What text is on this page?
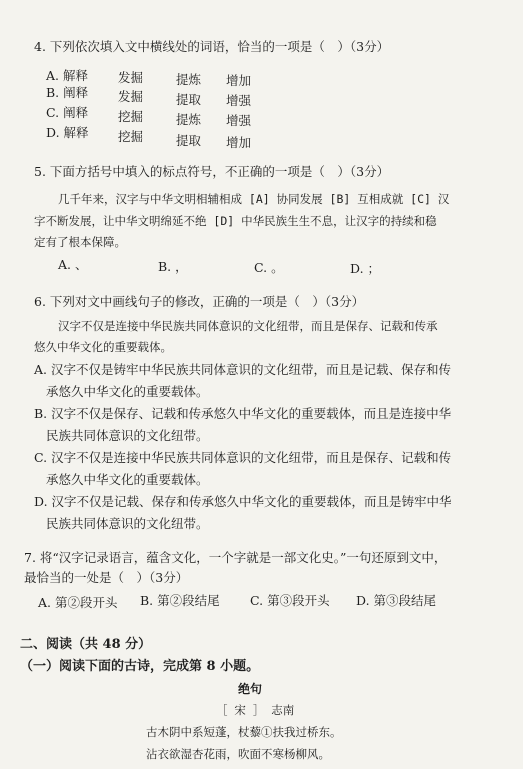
4. 下列依次填入文中横线处的词语，恰当的一项是（　）（3分）
A. 解释 发掘	提炼 增加
B. 阐释 发掘	提取 增强
C. 阐释 挖掘	提炼 增强
D. 解释 挖掘	提取 增加
5. 下面方括号中填入的标点符号，不正确的一项是（　）（3分）
几千年来，汉字与中华文明相辅相成 [A] 协同发展 [B] 互相成就 [C] 汉
字不断发展，让中华文明绵延不绝 [D] 中华民族生生不息，让汉字的持续和稳
定有了根本保障。
A. 、	B. ，	C. 。	D. ；
6. 下列对文中画线句子的修改，正确的一项是（　）（3分）
汉字不仅是连接中华民族共同体意识的文化纽带，而且是保存、记载和传承
悠久中华文化的重要载体。
A. 汉字不仅是铸牢中华民族共同体意识的文化纽带，而且是记载、保存和传
承悠久中华文化的重要载体。
B. 汉字不仅是保存、记载和传承悠久中华文化的重要载体，而且是连接中华
民族共同体意识的文化纽带。
C. 汉字不仅是连接中华民族共同体意识的文化纽带，而且是保存、记载和传
承悠久中华文化的重要载体。
D. 汉字不仅是记载、保存和传承悠久中华文化的重要载体，而且是铸牢中华
民族共同体意识的文化纽带。
7. 将“汉字记录语言，蕴含文化，一个字就是一部文化史。”一句还原到文中，
最恰当的一处是（　）（3分）
A. 第②段开头 B. 第②段结尾 C. 第③段开头 D. 第③段结尾
二、阅读（共 48 分）
（一）阅读下面的古诗，完成第 8 小题。
绝句
［ 宋 ］ 志南
古木阴中系短蓬，杖藜①扶我过桥东。
沾衣欲湿杏花雨，吹面不寒杨柳风。
